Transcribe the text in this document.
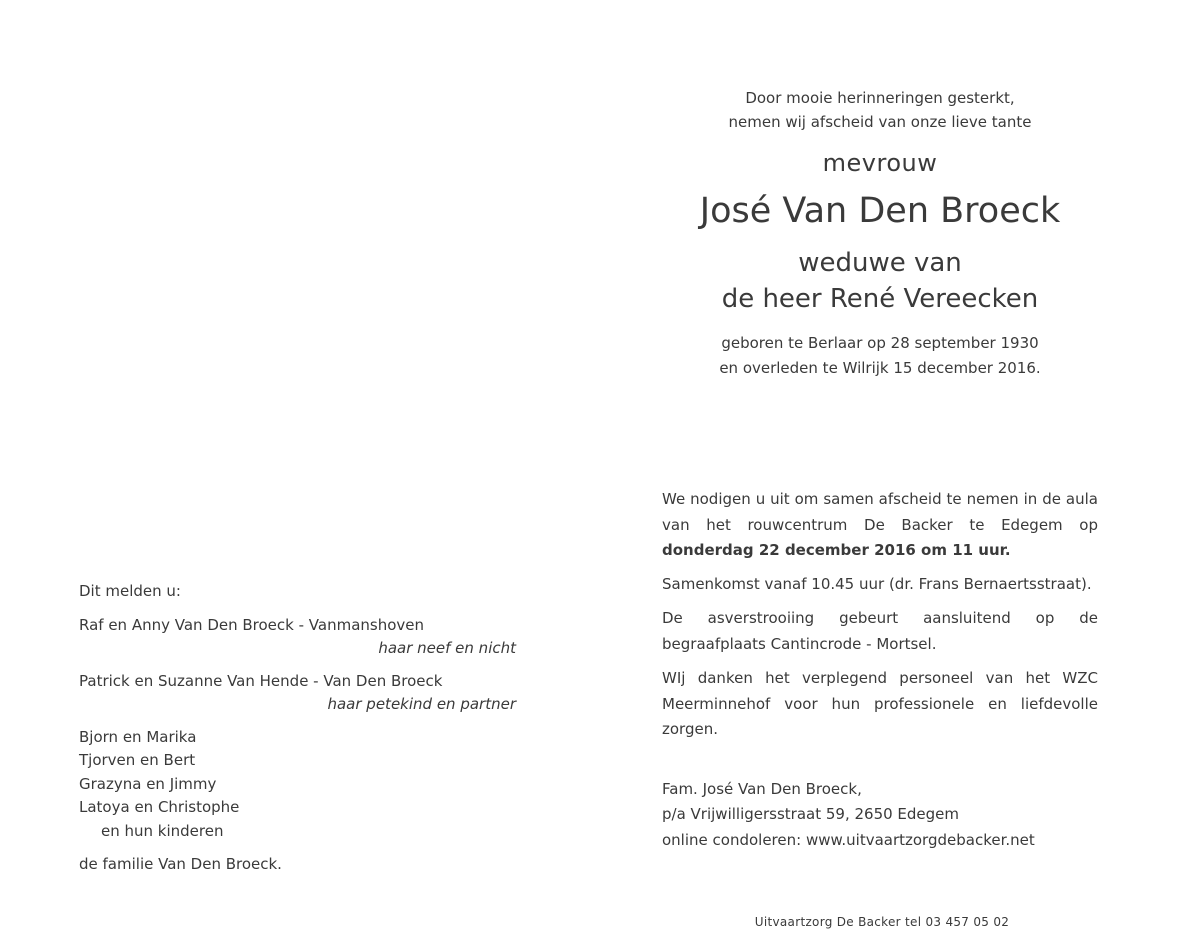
Door mooie herinneringen gesterkt,
nemen wij afscheid van onze lieve tante
mevrouw
José Van Den Broeck
weduwe van
de heer René Vereecken
geboren te Berlaar op 28 september 1930
en overleden te Wilrijk 15 december 2016.

We nodigen u uit om samen afscheid te nemen in de aula van het rouwcentrum De Backer te Edegem op donderdag 22 december 2016 om 11 uur.

Samenkomst vanaf 10.45 uur (dr. Frans Bernaertsstraat).

De asverstrooiing gebeurt aansluitend op de begraafplaats Cantincrode - Mortsel.

WIj danken het verplegend personeel van het WZC Meerminnehof voor hun professionele en liefdevolle zorgen.

Fam. José Van Den Broeck,
p/a Vrijwilligersstraat 59, 2650 Edegem
online condoleren: www.uitvaartzorgdebacker.net
Dit melden u:
Raf en Anny Van Den Broeck - Vanmanshoven
haar neef en nicht
Patrick en Suzanne Van Hende - Van Den Broeck
haar petekind en partner
Bjorn en Marika
Tjorven en Bert
Grazyna en Jimmy
Latoya en Christophe
en hun kinderen
de familie Van Den Broeck.
Uitvaartzorg De Backer tel 03 457 05 02
